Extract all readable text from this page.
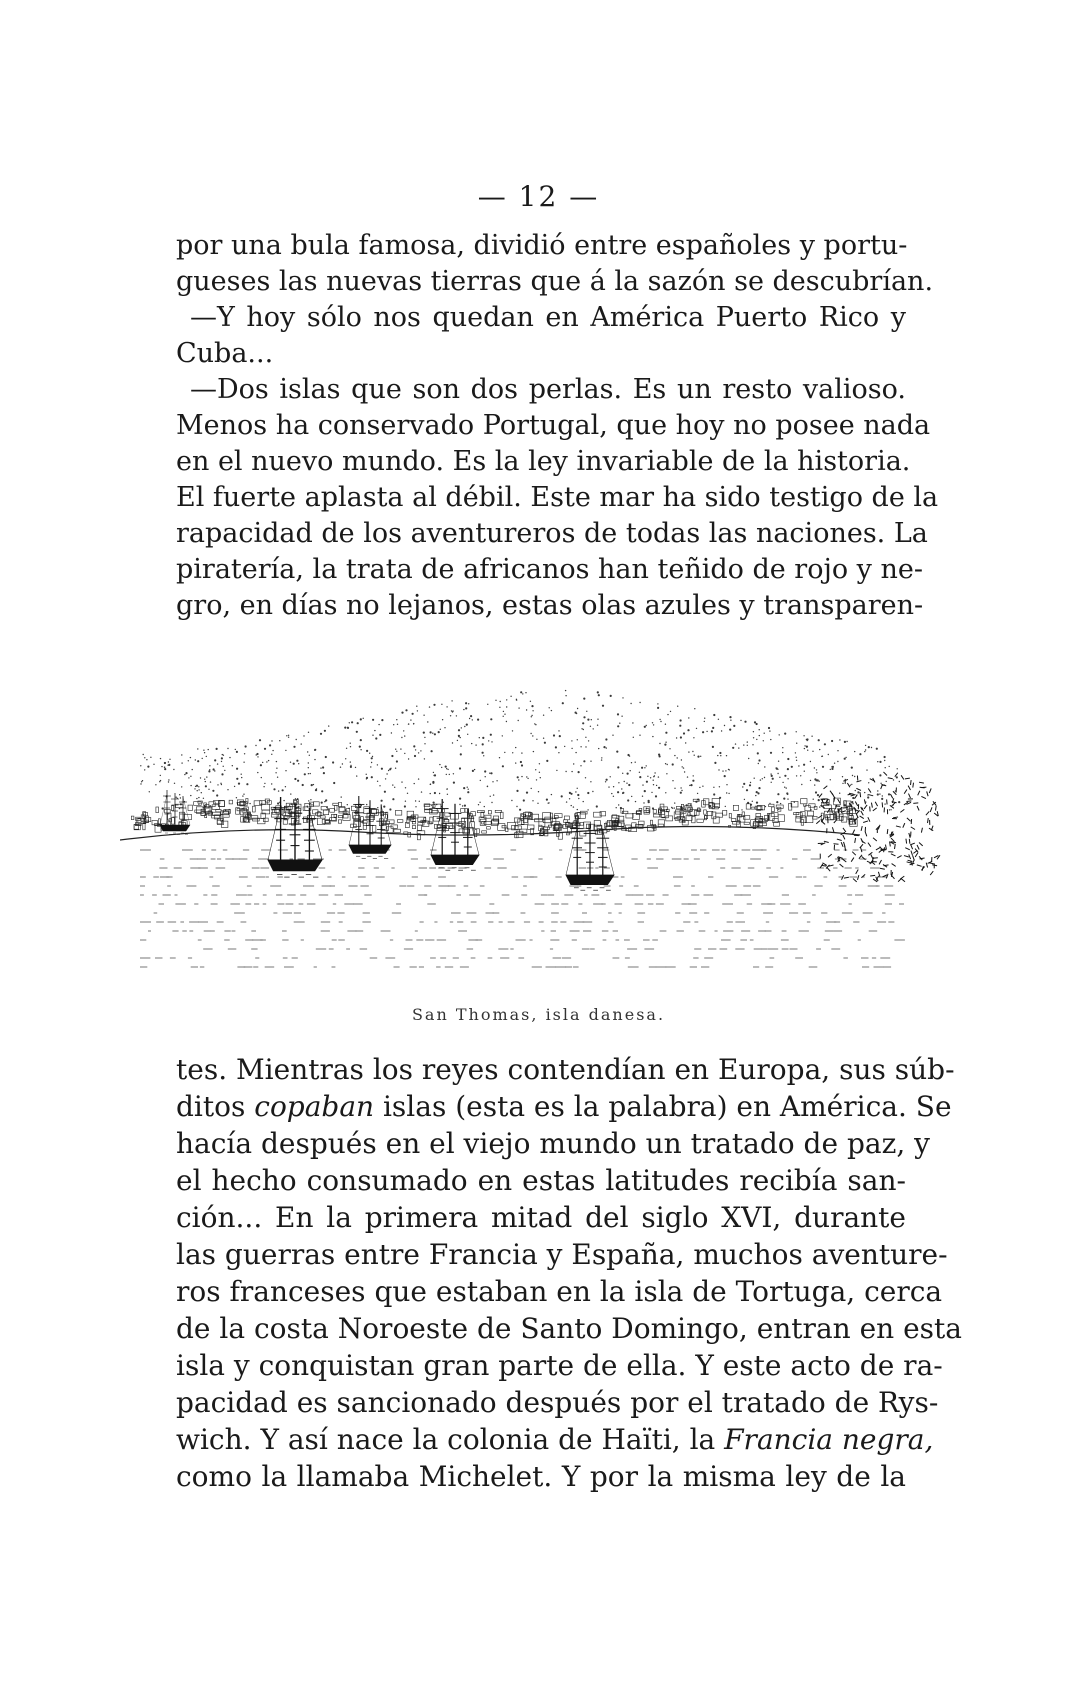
— 12 —
por una bula famosa, dividió entre españoles y portu-
gueses las nuevas tierras que á la sazón se descubrían.
—Y hoy sólo nos quedan en América Puerto Rico y
Cuba...
—Dos islas que son dos perlas. Es un resto valioso.
Menos ha conservado Portugal, que hoy no posee nada
en el nuevo mundo. Es la ley invariable de la historia.
El fuerte aplasta al débil. Este mar ha sido testigo de la
rapacidad de los aventureros de todas las naciones. La
piratería, la trata de africanos han teñido de rojo y ne-
gro, en días no lejanos, estas olas azules y transparen-
San Thomas, isla danesa.
tes. Mientras los reyes contendían en Europa, sus súb-
ditos copaban islas (esta es la palabra) en América. Se
hacía después en el viejo mundo un tratado de paz, y
el hecho consumado en estas latitudes recibía san-
ción... En la primera mitad del siglo XVI, durante
las guerras entre Francia y España, muchos aventure-
ros franceses que estaban en la isla de Tortuga, cerca
de la costa Noroeste de Santo Domingo, entran en esta
isla y conquistan gran parte de ella. Y este acto de ra-
pacidad es sancionado después por el tratado de Rys-
wich. Y así nace la colonia de Haïti, la Francia negra,
como la llamaba Michelet. Y por la misma ley de la
